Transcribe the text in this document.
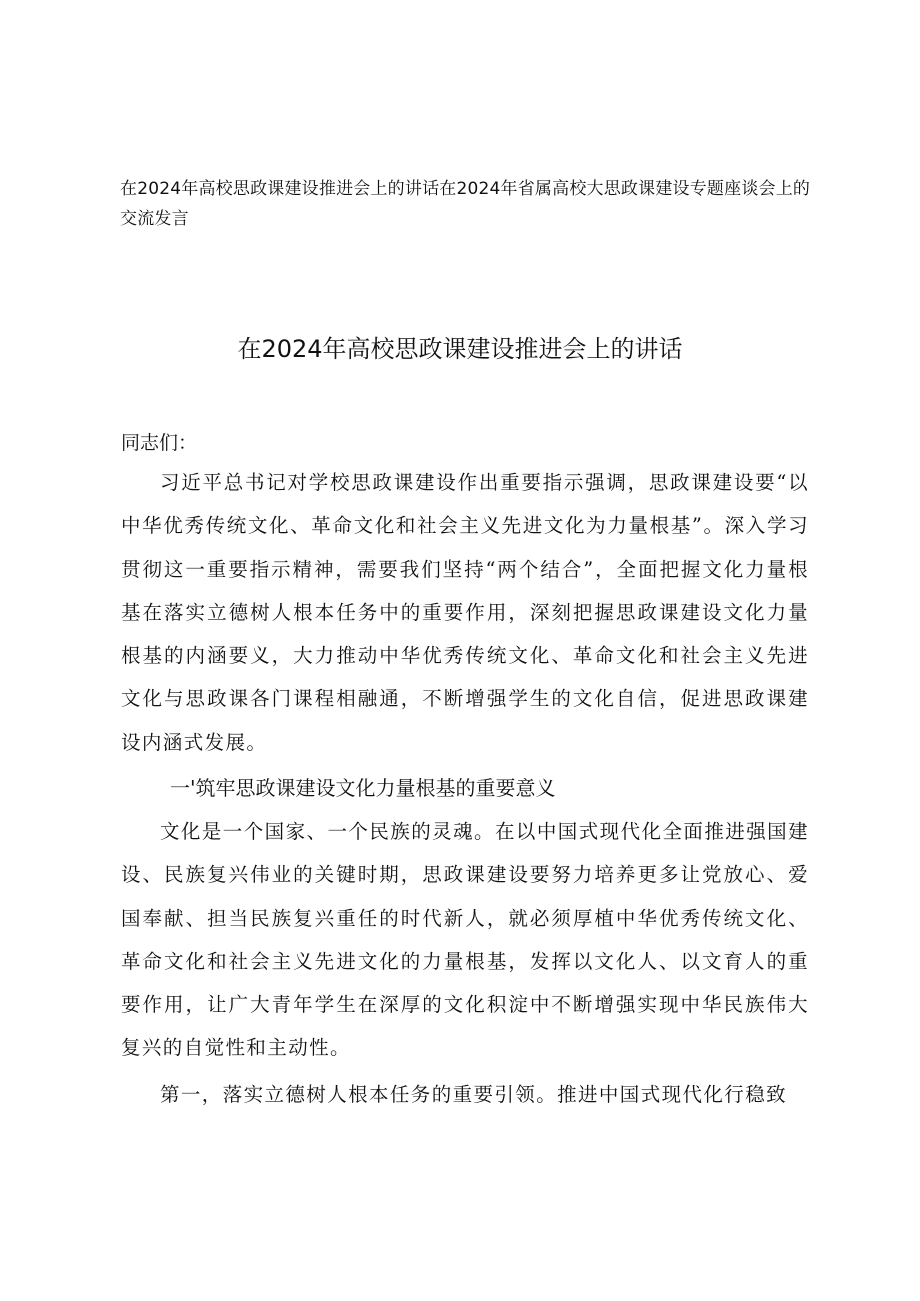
在2024年高校思政课建设推进会上的讲话在2024年省属高校大思政课建设专题座谈会上的交流发言

在2024年高校思政课建设推进会上的讲话

同志们：

习近平总书记对学校思政课建设作出重要指示强调，思政课建设要“以中华优秀传统文化、革命文化和社会主义先进文化为力量根基”。深入学习贯彻这一重要指示精神，需要我们坚持“两个结合”，全面把握文化力量根基在落实立德树人根本任务中的重要作用，深刻把握思政课建设文化力量根基的内涵要义，大力推动中华优秀传统文化、革命文化和社会主义先进文化与思政课各门课程相融通，不断增强学生的文化自信，促进思政课建设内涵式发展。

一'筑牢思政课建设文化力量根基的重要意义

文化是一个国家、一个民族的灵魂。在以中国式现代化全面推进强国建设、民族复兴伟业的关键时期，思政课建设要努力培养更多让党放心、爱国奉献、担当民族复兴重任的时代新人，就必须厚植中华优秀传统文化、革命文化和社会主义先进文化的力量根基，发挥以文化人、以文育人的重要作用，让广大青年学生在深厚的文化积淀中不断增强实现中华民族伟大复兴的自觉性和主动性。

第一，落实立德树人根本任务的重要引领。推进中国式现代化行稳致
